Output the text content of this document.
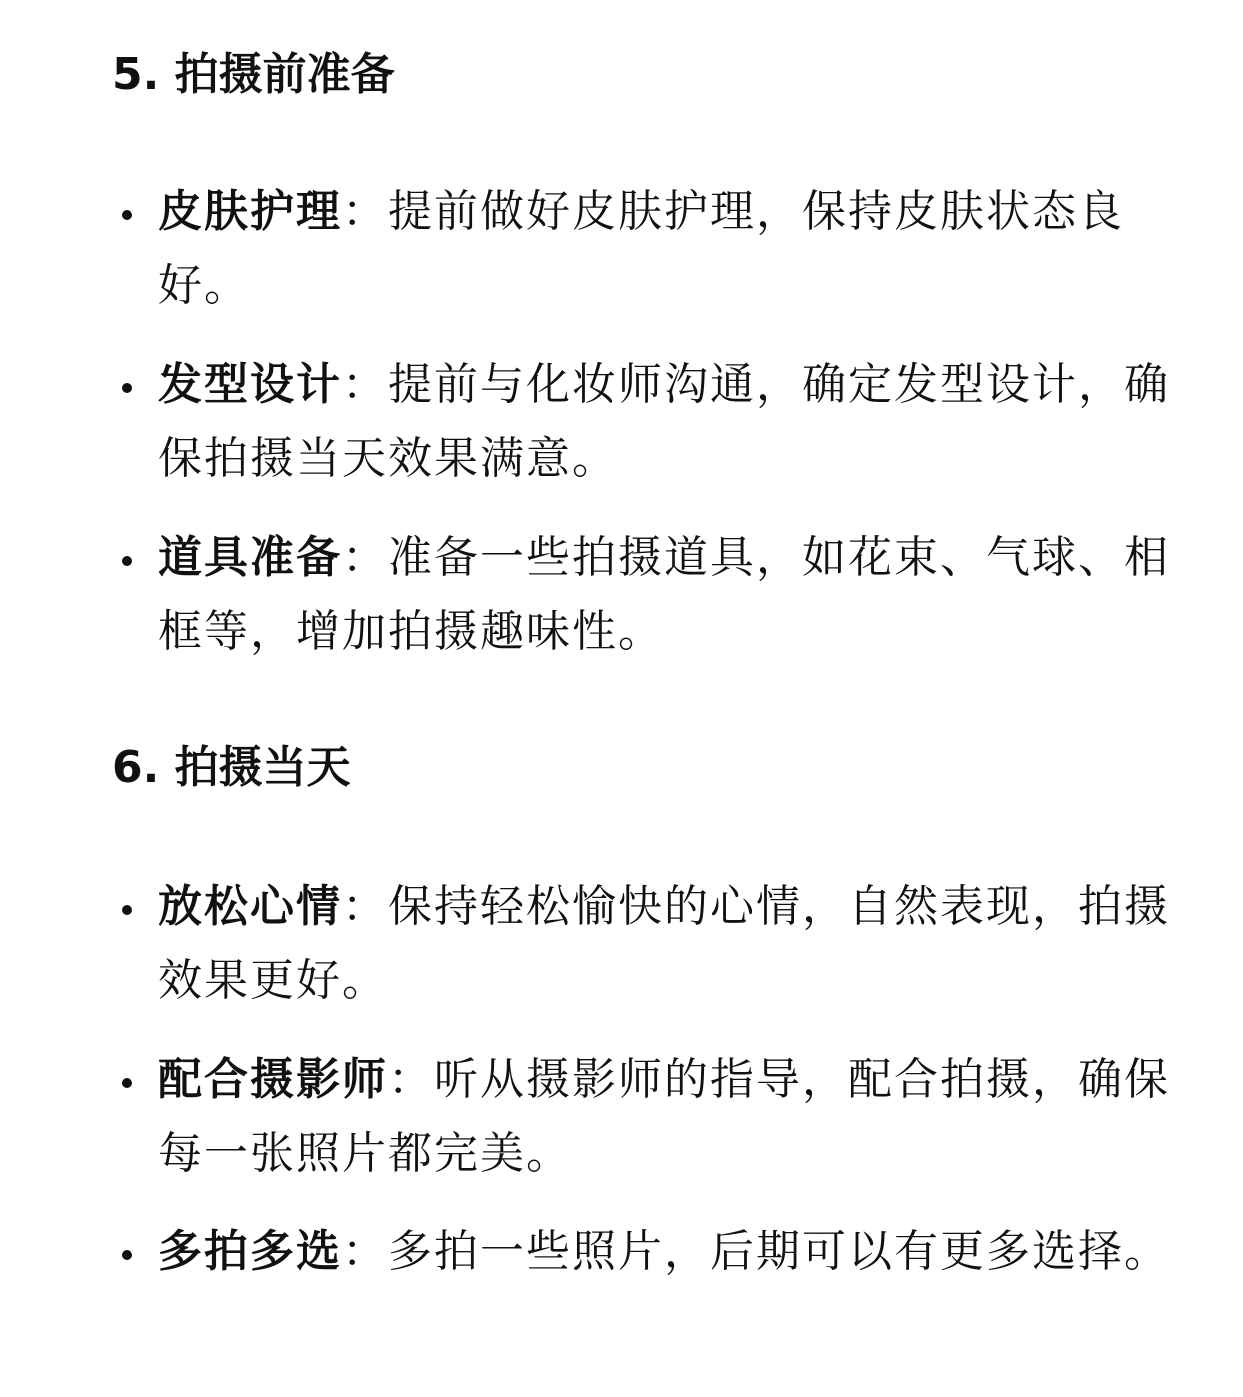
5. 拍摄前准备
皮肤护理：提前做好皮肤护理，保持皮肤状态良好。
发型设计：提前与化妆师沟通，确定发型设计，确保拍摄当天效果满意。
道具准备：准备一些拍摄道具，如花束、气球、相框等，增加拍摄趣味性。
6. 拍摄当天
放松心情：保持轻松愉快的心情，自然表现，拍摄效果更好。
配合摄影师：听从摄影师的指导，配合拍摄，确保每一张照片都完美。
多拍多选：多拍一些照片，后期可以有更多选择。
